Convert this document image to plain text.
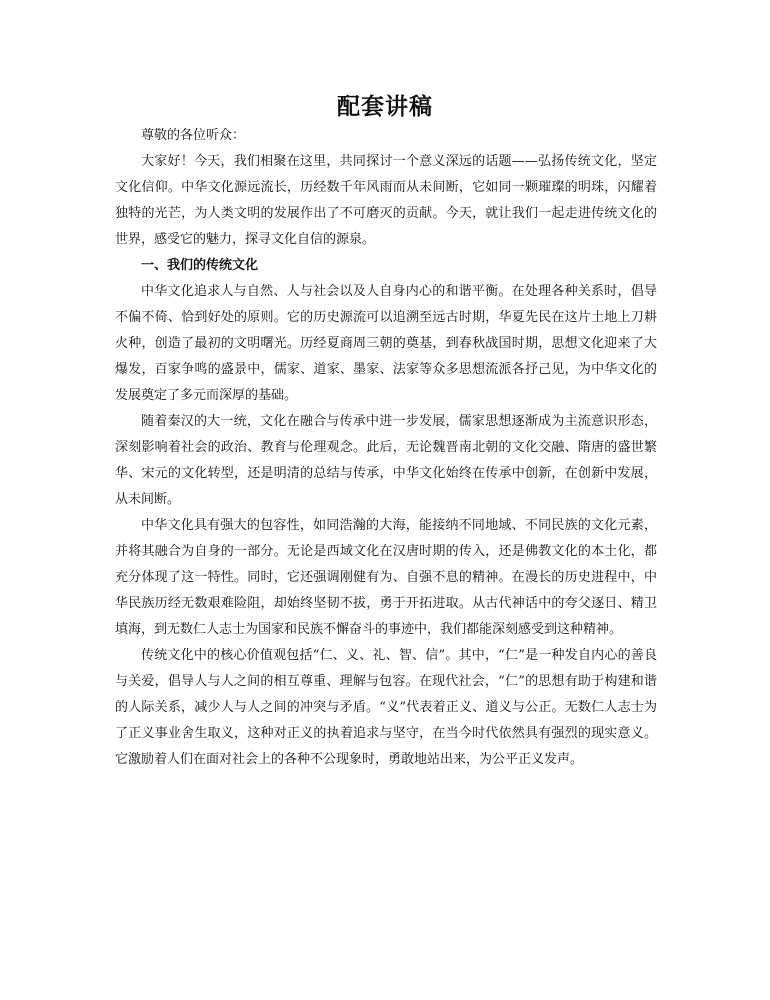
配套讲稿

尊敬的各位听众：

大家好！今天，我们相聚在这里，共同探讨一个意义深远的话题——弘扬传统文化，坚定文化信仰。中华文化源远流长，历经数千年风雨而从未间断，它如同一颗璀璨的明珠，闪耀着独特的光芒，为人类文明的发展作出了不可磨灭的贡献。今天，就让我们一起走进传统文化的世界，感受它的魅力，探寻文化自信的源泉。

一、我们的传统文化

中华文化追求人与自然、人与社会以及人自身内心的和谐平衡。在处理各种关系时，倡导不偏不倚、恰到好处的原则。它的历史源流可以追溯至远古时期，华夏先民在这片土地上刀耕火种，创造了最初的文明曙光。历经夏商周三朝的奠基，到春秋战国时期，思想文化迎来了大爆发，百家争鸣的盛景中，儒家、道家、墨家、法家等众多思想流派各抒己见，为中华文化的发展奠定了多元而深厚的基础。

随着秦汉的大一统，文化在融合与传承中进一步发展，儒家思想逐渐成为主流意识形态，深刻影响着社会的政治、教育与伦理观念。此后，无论魏晋南北朝的文化交融、隋唐的盛世繁华、宋元的文化转型，还是明清的总结与传承，中华文化始终在传承中创新，在创新中发展，从未间断。

中华文化具有强大的包容性，如同浩瀚的大海，能接纳不同地域、不同民族的文化元素，并将其融合为自身的一部分。无论是西域文化在汉唐时期的传入，还是佛教文化的本土化，都充分体现了这一特性。同时，它还强调刚健有为、自强不息的精神。在漫长的历史进程中，中华民族历经无数艰难险阻，却始终坚韧不拔，勇于开拓进取。从古代神话中的夸父逐日、精卫填海，到无数仁人志士为国家和民族不懈奋斗的事迹中，我们都能深刻感受到这种精神。

传统文化中的核心价值观包括“仁、义、礼、智、信”。其中，“仁”是一种发自内心的善良与关爱，倡导人与人之间的相互尊重、理解与包容。在现代社会，“仁”的思想有助于构建和谐的人际关系，减少人与人之间的冲突与矛盾。“义”代表着正义、道义与公正。无数仁人志士为了正义事业舍生取义，这种对正义的执着追求与坚守，在当今时代依然具有强烈的现实意义。它激励着人们在面对社会上的各种不公现象时，勇敢地站出来，为公平正义发声。
